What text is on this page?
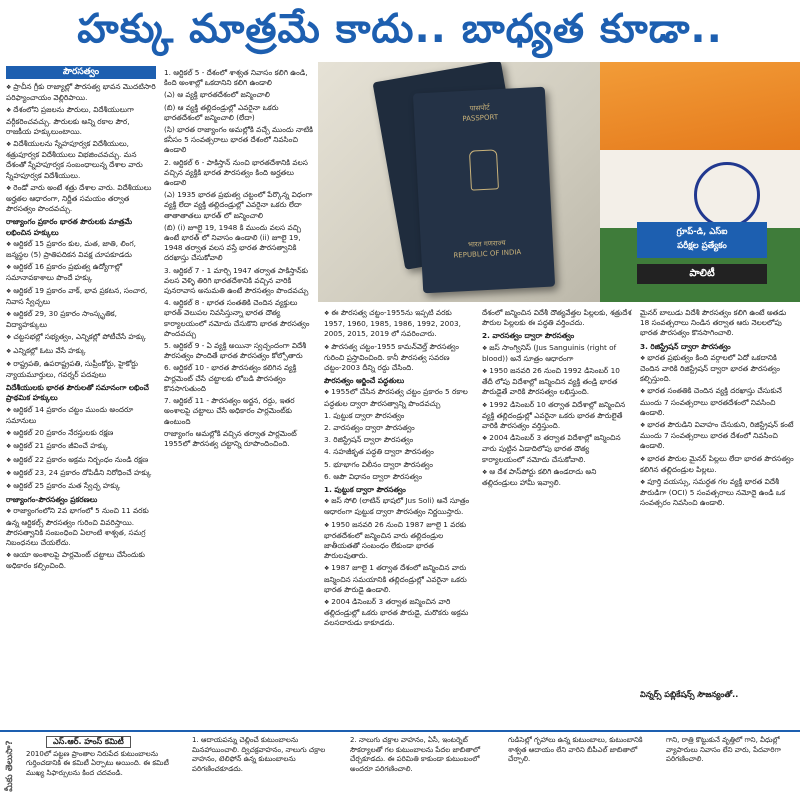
హక్కు మాత్రమే కాదు.. బాధ్యత కూడా..
పౌరసత్వం

❖ ప్రాచీన గ్రీకు రాజ్యాల్లో పౌరసత్వ భావన మొదటిసారి పరిఫ్యాంచాయం వెల్లిరిపాయి.

❖ దేశంలోని ప్రజలను పౌరులు, విదేశీయులుగా వర్గీకరించవచ్చు. పౌరులకు అన్ని రకాల పౌర, రాజకీయ హక్కులుంటాయి.

❖ విదేశీయులను స్నేహపూర్వక విదేశీయులు, శత్రుపూర్వక విదేశీయులు విభజించవచ్చు. మన దేశంతో స్నేహపూర్వక సంబంధాలున్న దేశాల వారు స్నేహపూర్వక విదేశీయులు.

❖ రెండో వారు అంటే శత్రు దేశాల వారు. విదేశీయులు అర్హతల ఆధారంగా, నిర్ణీత సమయం తర్వాత పౌరసత్వం పొందవచ్చు.

రాజ్యాంగం ప్రకారం భారత పౌరులకు మాత్రమే లభించిన హక్కులు

❖ ఆర్టికల్ 15 ప్రకారం కుల, మత, జాతి, లింగ, జన్మస్థల (5) ప్రాతిపదికన వివక్ష చూపకూడదు

❖ ఆర్టికల్ 16 ప్రకారం ప్రభుత్వ ఉద్యోగాల్లో సమానావకాశాలు పొందే హక్కు

❖ ఆర్టికల్ 19 ప్రకారం వాక్, భావ ప్రకటన, సంచార, నివాస స్వేచ్ఛలు

❖ ఆర్టికల్ 29, 30 ప్రకారం సాంస్కృతిక, విద్యాహక్కులు

❖ చట్టసభల్లో సభ్యత్వం, ఎన్నికల్లో పోటీచేసే హక్కు

❖ ఎన్నికల్లో ఓటు వేసే హక్కు

❖ రాష్ట్రపతి, ఉపరాష్ట్రపతి, సుప్రీంకోర్టు, హైకోర్టు న్యాయమూర్తులు, గవర్నర్ పదవులు

విదేశీయులకు భారత పౌరులతో సమానంగా లభించే ప్రాథమిక హక్కులు

❖ ఆర్టికల్ 14 ప్రకారం చట్టం ముందు అందరూ సమానులు

❖ ఆర్టికల్ 20 ప్రకారం నేరస్తులకు రక్షణ

❖ ఆర్టికల్ 21 ప్రకారం జీవించే హక్కు

❖ ఆర్టికల్ 22 ప్రకారం అక్రమ నిర్బంధం నుండి రక్షణ

❖ ఆర్టికల్ 23, 24 ప్రకారం దోపిడీని నిరోధించే హక్కు

❖ ఆర్టికల్ 25 ప్రకారం మత స్వేచ్ఛ హక్కు

రాజ్యాంగం-పౌరసత్వం ప్రకరణలు

❖ రాజ్యాంగంలోని 2వ భాగంలో 5 నుంచి 11 వరకు ఉన్న ఆర్టికల్స్ పౌరసత్వం గురించి వివరిస్తాయి. పౌరసత్వానికి సంబంధించి ఏలాంటి శాశ్వత, సమగ్ర నిబంధనలు చేయలేదు.

❖ ఆయా అంశాలపై పార్లమెంట్ చట్టాలు చేసేందుకు అధికారం కల్పించింది.

1. ఆర్టికల్ 5 - దేశంలో శాశ్వత నివాసం కలిగి ఉండి, కింది అంశాల్లో ఒకదానిని కలిగి ఉండాలి

(ఎ) ఆ వ్యక్తి భారతదేశంలో జన్మించాలి

(బి) ఆ వ్యక్తి తల్లిదండ్రుల్లో ఎవరైనా ఒకరు భారతదేశంలో జన్మించాలి (లేదా)

(సి) భారత రాజ్యాంగం అమల్లోకి వచ్చే ముందు నాటికి కనీసం 5 సంవత్సరాలు భారత దేశంలో నివసించి ఉండాలి

2. ఆర్టికల్ 6 - పాకిస్తాన్ నుంచి భారతదేశానికి వలస వచ్చిన వ్యక్తికి భారత పౌరసత్వం కింది అర్హతలు ఉండాలి

(ఎ) 1935 భారత ప్రభుత్వ చట్టంలో పేర్కొన్న విధంగా వ్యక్తి లేదా వ్యక్తి తల్లిదండ్రుల్లో ఎవరైనా ఒకరు లేదా తాతాతాతలు భారత్ లో జన్మించాలి

(బి) (i) జూలై 19, 1948 కి ముందు వలస వచ్చి ఉంటే భారత్ లో నివాసం ఉండాలి (ii) జూలై 19, 1948 తర్వాత వలస వస్తే భారత పౌరసత్వానికి దరఖాస్తు చేసుకోవాలి

3. ఆర్టికల్ 7 - 1 మార్చి 1947 తర్వాత పాకిస్తాన్‌కు వలస వెళ్ళి తిరిగి భారతదేశానికి వచ్చిన వారికి పునరావాస అనుమతి ఉంటే పౌరసత్వం పొందవచ్చు

4. ఆర్టికల్ 8 - భారత సంతతికి చెందిన వ్యక్తులు భారత్ వెలుపల నివసిస్తున్నా భారత దౌత్య కార్యాలయంలో నమోదు చేసుకొని భారత పౌరసత్వం పొందవచ్చు

5. ఆర్టికల్ 9 - ఏ వ్యక్తి అయినా స్వచ్ఛందంగా విదేశీ పౌరసత్వం పొందితే భారత పౌరసత్వం కోల్పోతారు

6. ఆర్టికల్ 10 - భారత పౌరసత్వం కలిగిన వ్యక్తి పార్లమెంట్ చేసే చట్టాలకు లోబడి పౌరసత్వం కొనసాగుతుంది

7. ఆర్టికల్ 11 - పౌరసత్వం అర్జన, రద్దు, ఇతర అంశాలపై చట్టాలు చేసే అధికారం పార్లమెంట్‌కు ఉంటుంది

రాజ్యాంగం అమల్లోకి వచ్చిన తర్వాత పార్లమెంట్ 1955లో పౌరసత్వ చట్టాన్ని రూపొందించింది.

पासपोर्ट
PASSPORT
भारत गणराज्य
REPUBLIC OF INDIA
గ్రూప్-డి, ఎస్ఐ
పరీక్షల ప్రత్యేకం
పాలిటీ

❖ ఈ పౌరసత్వ చట్టం-1955ను ఇప్పటి వరకు 1957, 1960, 1985, 1986, 1992, 2003, 2005, 2015, 2019 లో సవరించారు.

❖ పౌరసత్వ చట్టం-1955 కామన్‌వెల్త్ పౌరసత్వం గురించి ప్రస్తావించింది. కానీ పౌరసత్వ సవరణ చట్టం-2003 దీన్ని రద్దు చేసింది.

పౌరసత్వం ఆర్జించే పద్ధతులు

❖ 1955లో చేసిన పౌరసత్వ చట్టం ప్రకారం 5 రకాల పద్ధతుల ద్వారా పౌరసత్వాన్ని పొందవచ్చు

1. పుట్టుక ద్వారా పౌరసత్వం

2. వారసత్వం ద్వారా పౌరసత్వం

3. రిజిస్ట్రేషన్ ద్వారా పౌరసత్వం

4. సహజీకృత పద్ధతి ద్వారా పౌరసత్వం

5. భూభాగం విలీనం ద్వారా పౌరసత్వం

6. ఆపౌ విధానం ద్వారా పౌరసత్వం

1. పుట్టుక ద్వారా పౌరసత్వం

❖ జస్ సోలి (లాటిన్ భాషలో Jus Soli) అనే సూత్రం ఆధారంగా పుట్టుక ద్వారా పౌరసత్వం నిర్ణయిస్తారు.

❖ 1950 జనవరి 26 నుంచి 1987 జూలై 1 వరకు భారతదేశంలో జన్మించిన వారు తల్లిదండ్రుల జాతీయతతో సంబంధం లేకుండా భారత పౌరులవుతారు.

❖ 1987 జూలై 1 తర్వాత దేశంలో జన్మించిన వారు జన్మించిన సమయానికి తల్లిదండ్రుల్లో ఎవరైనా ఒకరు భారత పౌరుడై ఉండాలి.

❖ 2004 డిసెంబర్ 3 తర్వాత జన్మించిన వారి తల్లిదండ్రుల్లో ఒకరు భారత పౌరుడై, మరొకరు అక్రమ వలసదారుడు కాకూడదు.

దేశంలో జన్మించిన విదేశీ దౌత్యవేత్తల పిల్లలకు, శత్రుదేశ పౌరుల పిల్లలకు ఈ పద్ధతి వర్తించదు.

2. వారసత్వం ద్వారా పౌరసత్వం

❖ జస్ సాంగ్వినిస్ (Jus Sanguinis (right of blood)) అనే సూత్రం ఆధారంగా

❖ 1950 జనవరి 26 నుంచి 1992 డిసెంబర్ 10 తేదీ లోపు విదేశాల్లో జన్మించిన వ్యక్తి తండ్రి భారత పౌరుడైతే వారికి పౌరసత్వం లభిస్తుంది.

❖ 1992 డిసెంబర్ 10 తర్వాత విదేశాల్లో జన్మించిన వ్యక్తి తల్లిదండ్రుల్లో ఎవరైనా ఒకరు భారత పౌరులైతే వారికి పౌరసత్వం వర్తిస్తుంది.

❖ 2004 డిసెంబర్ 3 తర్వాత విదేశాల్లో జన్మించిన వారు పుట్టిన ఏడాదిలోపు భారత దౌత్య కార్యాలయంలో నమోదు చేసుకోవాలి.

❖ ఆ దేశ పాస్‌పోర్టు కలిగి ఉండరాదు అని తల్లిదండ్రులు హామీ ఇవ్వాలి.

మైనర్ బాలుడు విదేశీ పౌరసత్వం కలిగి ఉంటే అతడు 18 సంవత్సరాలు నిండిన తర్వాత ఆరు నెలలలోపు భారత పౌరసత్వం కొనసాగించాలి.

3. రిజిస్ట్రేషన్ ద్వారా పౌరసత్వం

❖ భారత ప్రభుత్వం కింది వర్గాలలో ఏదో ఒకదానికి చెందిన వారికి రిజిస్ట్రేషన్ ద్వారా భారత పౌరసత్వం కల్పిస్తుంది.

❖ భారత సంతతికి చెందిన వ్యక్తి దరఖాస్తు చేసుకునే ముందు 7 సంవత్సరాలు భారతదేశంలో నివసించి ఉండాలి.

❖ భారత పౌరుడిని వివాహం చేసుకుని, రిజిస్ట్రేషన్ కంటే ముందు 7 సంవత్సరాలు భారత దేశంలో నివసించి ఉండాలి.

❖ భారత పౌరుల మైనర్ పిల్లలు లేదా భారత పౌరసత్వం కలిగిన తల్లిదండ్రుల పిల్లలు.

❖ పూర్తి వయస్సు, సమర్థత గల వ్యక్తి భారత విదేశీ పౌరుడిగా (OCI) 5 సంవత్సరాలు నమోదై ఉండి ఒక సంవత్సరం నివసించి ఉండాలి.

విన్నర్స్ పబ్లికేషన్స్ సౌజన్యంతో..
మీకు తెలుసా?	ఎస్.ఆర్. హంస్ కమిటీ

2010లో పట్టణ ప్రాంతాల నిరుపేద కుటుంబాలను గుర్తించడానికి ఈ కమిటీ ఏర్పాటు అయింది. ఈ కమిటీ ముఖ్య సిఫార్సులను కింద చదవండి.

1. ఆదాయపన్ను చెల్లించే కుటుంబాలను మినహాయించాలి. ద్విచక్రవాహనం, నాలుగు చక్రాల వాహనం, టెలిఫోన్ ఉన్న కుటుంబాలను పరిగణించకూడదు.

2. నాలుగు చక్రాల వాహనం, ఏసీ, ఇంటర్నెట్ సౌకర్యాలతో గల కుటుంబాలను పేదల జాబితాలో చేర్చకూడదు. ఈ పరిమితి కాకుండా కుటుంబంలో అందరూ పరిగణించాలి.

గుడిసెల్లో గృహాలు ఉన్న కుటుంబాలు, కుటుంబానికి శాశ్వత ఆదాయం లేని వారిని బీపీఎల్ జాబితాలో చేర్చాలి.

గాని, రాత్రి కొట్టుకునే వృత్తిలో గాని, వీధుల్లో వ్యాపారులు నివాసం లేని వారు, పేదవారిగా పరిగణించాలి.
